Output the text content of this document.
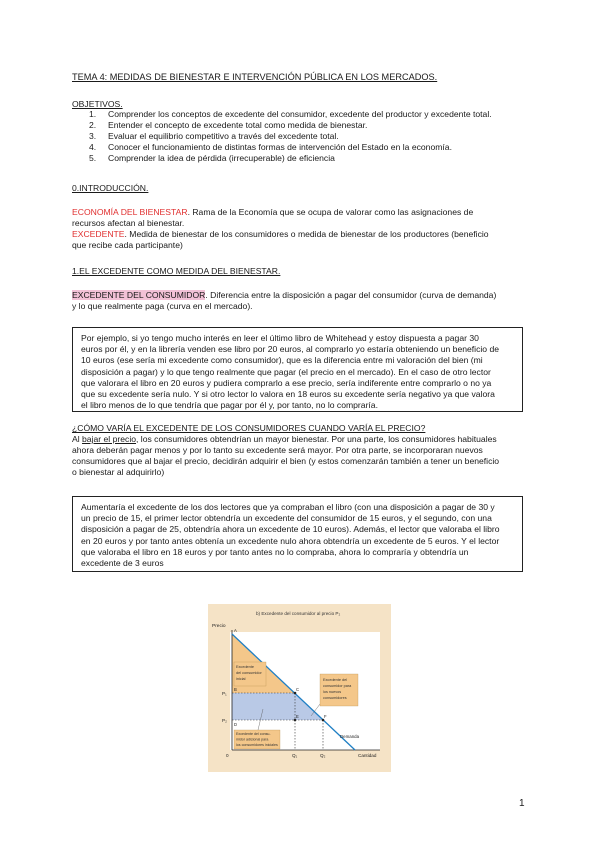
TEMA 4: MEDIDAS DE BIENESTAR E INTERVENCIÓN PÚBLICA EN LOS MERCADOS.
OBJETIVOS.
1.	Comprender los conceptos de excedente del consumidor, excedente del productor y excedente total.
2.	Entender el concepto de excedente total como medida de bienestar.
3.	Evaluar el equilibrio competitivo a través del excedente total.
4.	Conocer el funcionamiento de distintas formas de intervención del Estado en la economía.
5.	Comprender la idea de pérdida (irrecuperable) de eficiencia
0.INTRODUCCIÓN.
ECONOMÍA DEL BIENESTAR. Rama de la Economía que se ocupa de valorar como las asignaciones de
recursos afectan al bienestar.
EXCEDENTE. Medida de bienestar de los consumidores o medida de bienestar de los productores (beneficio
que recibe cada participante)
1.EL EXCEDENTE COMO MEDIDA DEL BIENESTAR.
EXCEDENTE DEL CONSUMIDOR. Diferencia entre la disposición a pagar del consumidor (curva de demanda)
y lo que realmente paga (curva en el mercado).
Por ejemplo, si yo tengo mucho interés en leer el último libro de Whitehead y estoy dispuesta a pagar 30
euros por él, y en la librería venden ese libro por 20 euros, al comprarlo yo estaría obteniendo un beneficio de
10 euros (ese sería mi excedente como consumidor), que es la diferencia entre mi valoración del bien (mi
disposición a pagar) y lo que tengo realmente que pagar (el precio en el mercado). En el caso de otro lector
que valorara el libro en 20 euros y pudiera comprarlo a ese precio, sería indiferente entre comprarlo o no ya
que su excedente sería nulo. Y si otro lector lo valora en 18 euros su excedente sería negativo ya que valora
el libro menos de lo que tendría que pagar por él y, por tanto, no lo compraría.
¿CÓMO VARÍA EL EXCEDENTE DE LOS CONSUMIDORES CUANDO VARÍA EL PRECIO?
Al bajar el precio, los consumidores obtendrían un mayor bienestar. Por una parte, los consumidores habituales
ahora deberán pagar menos y por lo tanto su excedente será mayor. Por otra parte, se incorporaran nuevos
consumidores que al bajar el precio, decidirán adquirir el bien (y estos comenzarán también a tener un beneficio
o bienestar al adquirirlo)
Aumentaría el excedente de los dos lectores que ya compraban el libro (con una disposición a pagar de 30 y
un precio de 15, el primer lector obtendría un excedente del consumidor de 15 euros, y el segundo, con una
disposición a pagar de 25, obtendría ahora un excedente de 10 euros). Además, el lector que valoraba el libro
en 20 euros y por tanto antes obtenía un excedente nulo ahora obtendría un excedente de 5 euros. Y el lector
que valoraba el libro en 18 euros y por tanto antes no lo compraba, ahora lo compraría y obtendría un
excedente de 3 euros
b) Excedente del consumidor al precio P₂
Precio
Demanda
A
B	C
D
E	F
P₁
P₂
0	Q₁	Q₂	Cantidad
Excedente
del consumidor
inicial	Excedente del
consumidor para
los nuevos
consumidores
Excedente del consu-
midor adicional para
los consumidores iniciales
1
